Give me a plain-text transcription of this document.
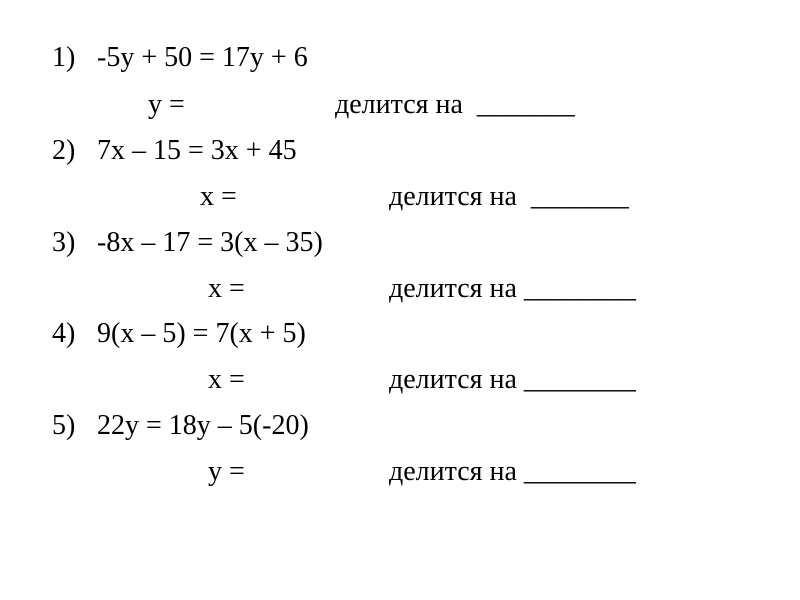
1) -5y + 50 = 17y + 6
y =	делится на  _______
2) 7x – 15 = 3x + 45
x =	делится на  _______
3) -8x – 17 = 3(x – 35)
x =	делится на ________
4) 9(x – 5) = 7(x + 5)
x =	делится на ________
5) 22y = 18y – 5(-20)
y =	делится на ________
